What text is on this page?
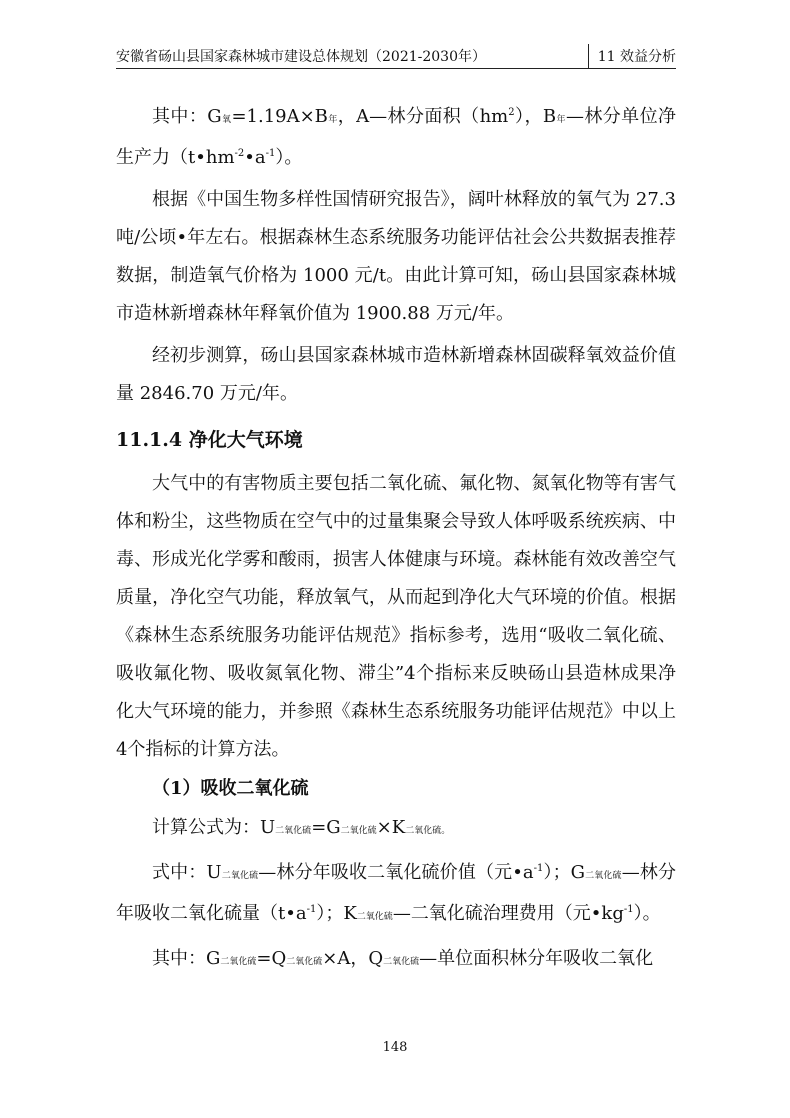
安徽省砀山县国家森林城市建设总体规划（2021-2030年）	11 效益分析

其中：G氧=1.19A×B年，A—林分面积$(hm^2)$，B年—林分单位净生产力$(t•hm^{-2}•a^{-1})$。

根据《中国生物多样性国情研究报告》，阔叶林释放的氧气为 27.3吨/公顷•年左右。根据森林生态系统服务功能评估社会公共数据表推荐数据，制造氧气价格为 1000 元/t。由此计算可知，砀山县国家森林城市造林新增森林年释氧价值为 1900.88 万元/年。

经初步测算，砀山县国家森林城市造林新增森林固碳释氧效益价值量 2846.70 万元/年。

11.1.4 净化大气环境

大气中的有害物质主要包括二氧化硫、氟化物、氮氧化物等有害气体和粉尘，这些物质在空气中的过量集聚会导致人体呼吸系统疾病、中毒、形成光化学雾和酸雨，损害人体健康与环境。森林能有效改善空气质量，净化空气功能，释放氧气，从而起到净化大气环境的价值。根据《森林生态系统服务功能评估规范》指标参考，选用“吸收二氧化硫、吸收氟化物、吸收氮氧化物、滞尘”4个指标来反映砀山县造林成果净化大气环境的能力，并参照《森林生态系统服务功能评估规范》中以上4个指标的计算方法。

（1）吸收二氧化硫

计算公式为：U二氧化硫=G二氧化硫×K二氧化硫。

式中：U二氧化硫—林分年吸收二氧化硫价值（元$•a^{-1}$）；G二氧化硫—林分年吸收二氧化硫量$(t•a^{-1})$；K二氧化硫—二氧化硫治理费用（元$•kg^{-1}$）。

其中：G二氧化硫=Q二氧化硫×A，Q二氧化硫—单位面积林分年吸收二氧化

148
